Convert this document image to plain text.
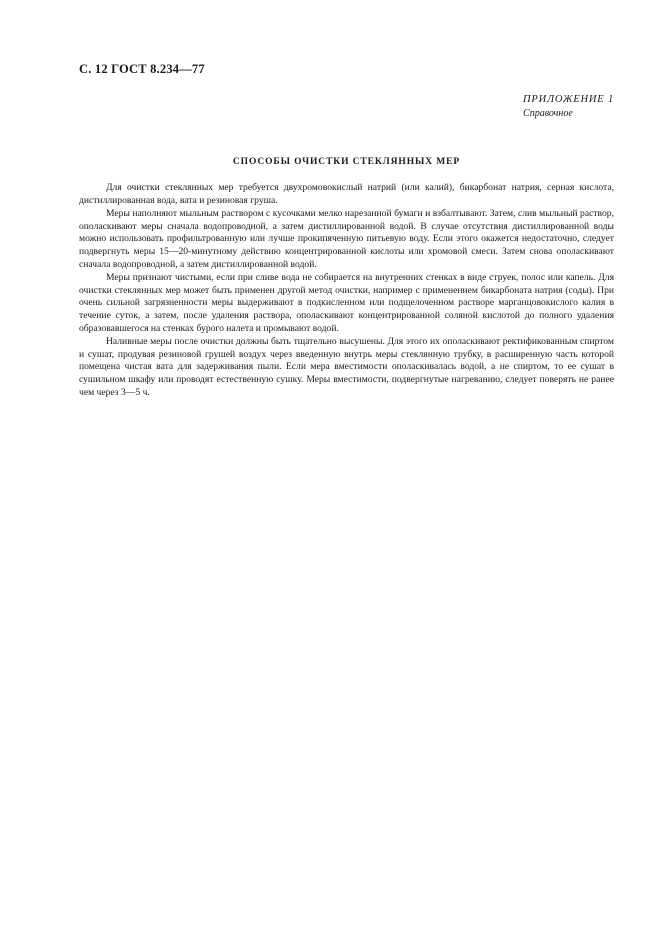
С. 12 ГОСТ 8.234—77
ПРИЛОЖЕНИЕ 1
Справочное
СПОСОБЫ ОЧИСТКИ СТЕКЛЯННЫХ МЕР

Для очистки стеклянных мер требуется двухромовокислый натрий (или калий), бикарбонат натрия, серная кислота, дистиллированная вода, вата и резиновая груша.

Меры наполняют мыльным раствором с кусочками мелко нарезанной бумаги и взбалтывают. Затем, слив мыльный раствор, ополаскивают меры сначала водопроводной, а затем дистиллированной водой. В случае отсутствия дистиллированной воды можно использовать профильтрованную или лучше прокипяченную питьевую воду. Если этого окажется недостаточно, следует подвергнуть меры 15—20-минутному действию концентрированной кислоты или хромовой смеси. Затем снова ополаскивают сначала водопроводной, а затем дистиллированной водой.

Меры признают чистыми, если при сливе вода не собирается на внутренних стенках в виде струек, полос или капель. Для очистки стеклянных мер может быть применен другой метод очистки, например с применением бикарбоната натрия (соды). При очень сильной загрязненности меры выдерживают в подкисленном или подщелоченном растворе марганцовокислого калия в течение суток, а затем, после удаления раствора, ополаскивают концентрированной соляной кислотой до полного удаления образовавшегося на стенках бурого налета и промывают водой.

Наливные меры после очистки должны быть тщательно высушены. Для этого их ополаскивают ректификованным спиртом и сушат, продувая резиновой грушей воздух через введенную внутрь меры стеклянную трубку, в расширенную часть которой помещена чистая вата для задерживания пыли. Если мера вместимости ополаскивалась водой, а не спиртом, то ее сушат в сушильном шкафу или проводят естественную сушку. Меры вместимости, подвергнутые нагреванию, следует поверять не ранее чем через 3—5 ч.
